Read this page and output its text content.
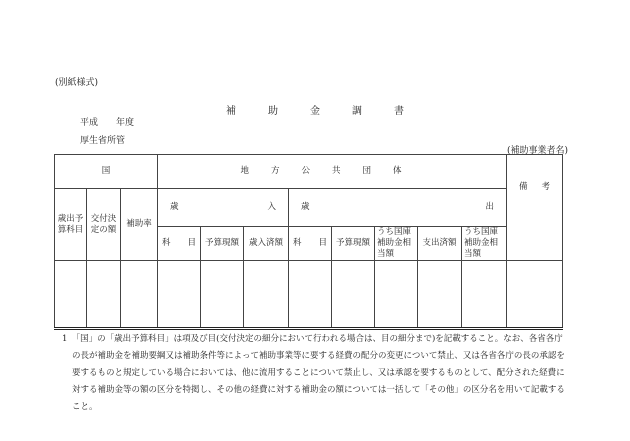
(別紙様式)
補	助	金	調	書
平成　　年度
厚生省所管
(補助事業者名)
国			地方公共団体								備 考

歳出予算科目	交付決定の額	補助率	歳 入			歳 出					

			科 目	予算現額	歳入済額	科 目	予算現額	うち国庫補助金相当額	支出済額	うち国庫補助金相当額	

1　「国」の「歳出予算科目」は項及び目(交付決定の細分において行われる場合は、目の細分まで)を記載すること。なお、各省各庁の長が補助金を補助要綱又は補助条件等によって補助事業等に要する経費の配分の変更について禁止、又は各省各庁の長の承認を要するものと規定している場合においては、他に流用することについて禁止し、又は承認を要するものとして、配分された経費に対する補助金等の額の区分を特掲し、その他の経費に対する補助金の額については一括して「その他」の区分名を用いて記載すること。
